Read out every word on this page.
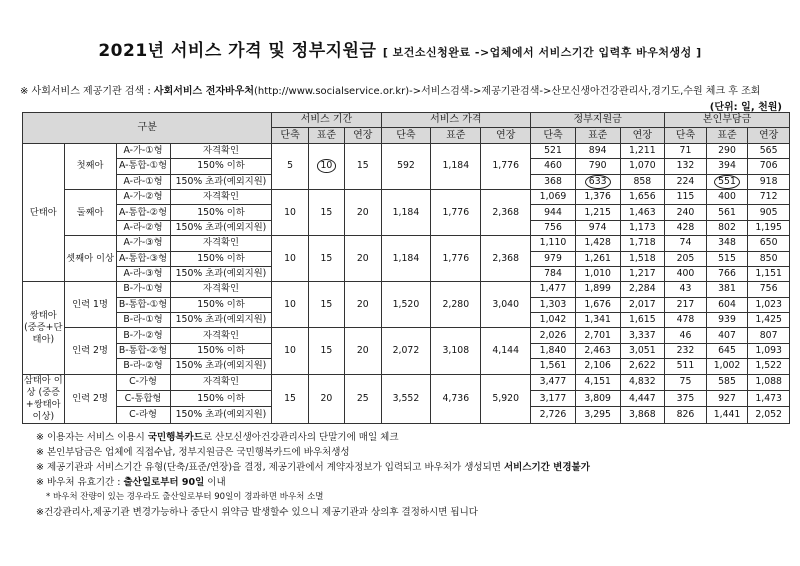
2021년 서비스 가격 및 정부지원금 [ 보건소신청완료 ->업체에서 서비스기간 입력후 바우처생성 ]
※ 사회서비스 제공기관 검색 : 사회서비스 전자바우처(http://www.socialservice.or.kr)->서비스검색->제공기관검색->산모신생아건강관리사,경기도,수원 체크 후 조회
(단위: 일, 천원)
구분				서비스 기간			서비스 가격			정부지원금			본인부담금		
				단축	표준	연장	단축	표준	연장	단축	표준	연장	단축	표준	연장
단태아	첫째아	A-가-①형	자격확인	5	10	15	592	1,184	1,776	521	894	1,211	71	290	565
		A-통합-①형	150% 이하							460	790	1,070	132	394	706
		A-라-①형	150% 초과(예외지원)							368	633	858	224	551	918
	둘째아	A-가-②형	자격확인	10	15	20	1,184	1,776	2,368	1,069	1,376	1,656	115	400	712
		A-통합-②형	150% 이하							944	1,215	1,463	240	561	905
		A-라-②형	150% 초과(예외지원)							756	974	1,173	428	802	1,195
	셋째아 이상	A-가-③형	자격확인	10	15	20	1,184	1,776	2,368	1,110	1,428	1,718	74	348	650
		A-통합-③형	150% 이하							979	1,261	1,518	205	515	850
		A-라-③형	150% 초과(예외지원)							784	1,010	1,217	400	766	1,151
쌍태아 (중증+단태아)	인력 1명	B-가-①형	자격확인	10	15	20	1,520	2,280	3,040	1,477	1,899	2,284	43	381	756
		B-통합-①형	150% 이하							1,303	1,676	2,017	217	604	1,023
		B-라-①형	150% 초과(예외지원)							1,042	1,341	1,615	478	939	1,425
	인력 2명	B-가-②형	자격확인	10	15	20	2,072	3,108	4,144	2,026	2,701	3,337	46	407	807
		B-통합-②형	150% 이하							1,840	2,463	3,051	232	645	1,093
		B-라-②형	150% 초과(예외지원)							1,561	2,106	2,622	511	1,002	1,522
삼태아 이상 (중증+쌍태아 이상)	인력 2명	C-가형	자격확인	15	20	25	3,552	4,736	5,920	3,477	4,151	4,832	75	585	1,088
		C-통합형	150% 이하							3,177	3,809	4,447	375	927	1,473
		C-라형	150% 초과(예외지원)							2,726	3,295	3,868	826	1,441	2,052
※ 이용자는 서비스 이용시 국민행복카드로 산모신생아건강관리사의 단말기에 매일 체크
※ 본인부담금은 업체에 직접수납, 정부지원금은 국민행복카드에 바우처생성
※ 제공기관과 서비스기간 유형(단축/표준/연장)을 결정, 제공기관에서 계약자정보가 입력되고 바우처가 생성되면 서비스기간 변경불가
※ 바우처 유효기간 : 출산일로부터 90일 이내
* 바우처 잔량이 있는 경우라도 출산일로부터 90일이 경과하면 바우처 소멸
※건강관리사,제공기관 변경가능하나 중단시 위약금 발생할수 있으니 제공기관과 상의후 결정하시면 됩니다
